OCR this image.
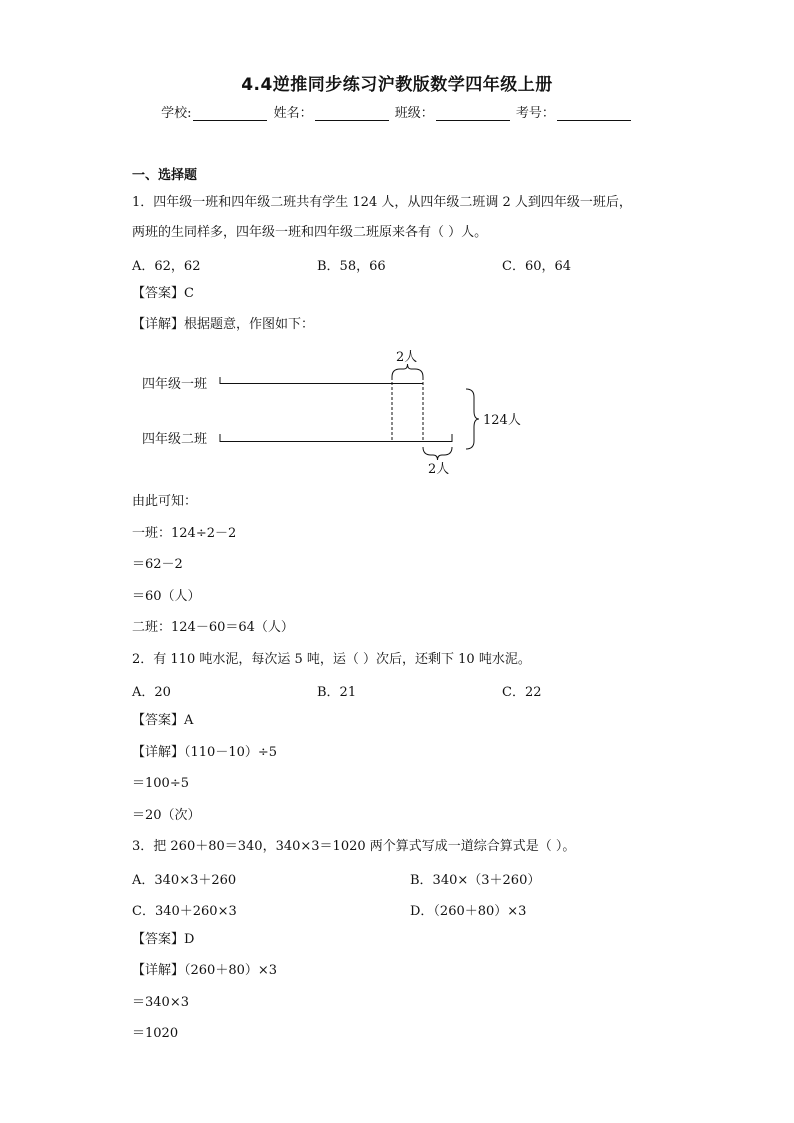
4.4逆推同步练习沪教版数学四年级上册
学校:	姓名：	班级：	考号：
一、选择题
1．四年级一班和四年级二班共有学生 124 人，从四年级二班调 2 人到四年级一班后，
两班的生同样多，四年级一班和四年级二班原来各有（ ）人。
A．62，62	B．58，66	C．60，64
【答案】C
【详解】根据题意，作图如下：
四年级一班
四年级二班
2人
2人
124人
由此可知：
一班：124÷2－2
＝62－2
＝60（人）
二班：124－60＝64（人）
2．有 110 吨水泥，每次运 5 吨，运（ ）次后，还剩下 10 吨水泥。
A．20	B．21	C．22
【答案】A
【详解】（110－10）÷5
＝100÷5
＝20（次）
3．把 260＋80＝340，340×3＝1020 两个算式写成一道综合算式是（ ）。
A．340×3＋260	B．340×（3＋260）
C．340＋260×3	D．（260＋80）×3
【答案】D
【详解】（260＋80）×3
＝340×3
＝1020
